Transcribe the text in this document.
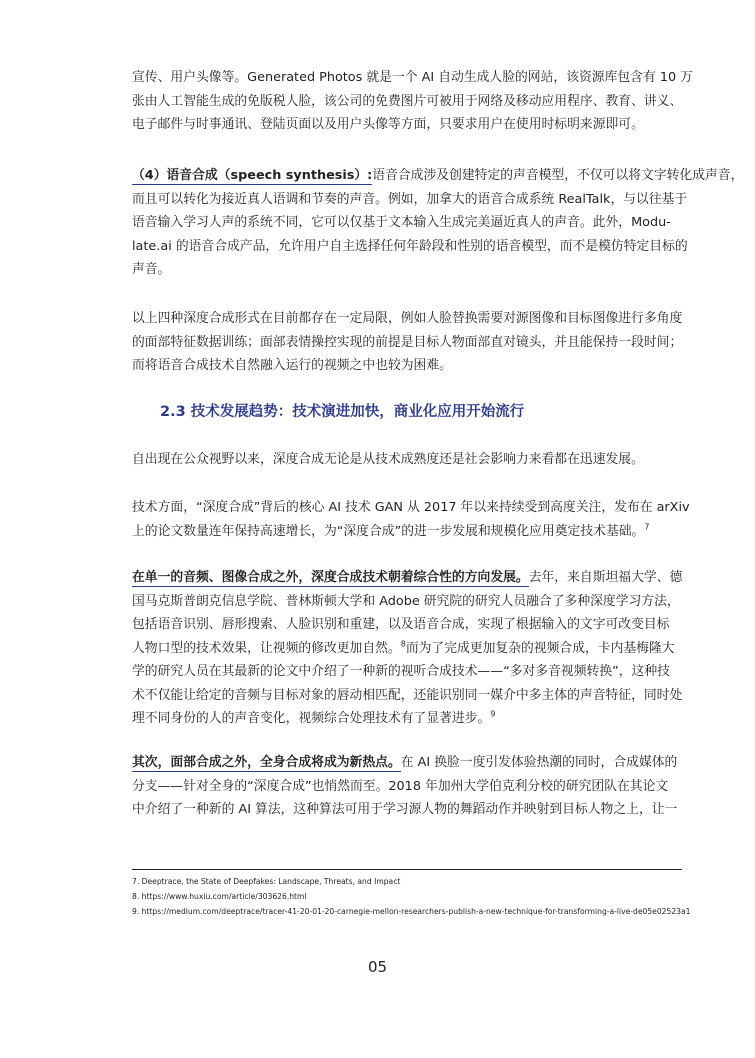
宣传、用户头像等。Generated Photos 就是一个 AI 自动生成人脸的网站，该资源库包含有 10 万
张由人工智能生成的免版税人脸，该公司的免费图片可被用于网络及移动应用程序、教育、讲义、
电子邮件与时事通讯、登陆页面以及用户头像等方面，只要求用户在使用时标明来源即可。
（4）语音合成（speech synthesis）:语音合成涉及创建特定的声音模型，不仅可以将文字转化成声音，
而且可以转化为接近真人语调和节奏的声音。例如，加拿大的语音合成系统 RealTalk，与以往基于
语音输入学习人声的系统不同，它可以仅基于文本输入生成完美逼近真人的声音。此外，Modu-
late.ai 的语音合成产品，允许用户自主选择任何年龄段和性别的语音模型，而不是模仿特定目标的
声音。
以上四种深度合成形式在目前都存在一定局限，例如人脸替换需要对源图像和目标图像进行多角度
的面部特征数据训练；面部表情操控实现的前提是目标人物面部直对镜头，并且能保持一段时间；
而将语音合成技术自然融入运行的视频之中也较为困难。
2.3 技术发展趋势：技术演进加快，商业化应用开始流行
自出现在公众视野以来，深度合成无论是从技术成熟度还是社会影响力来看都在迅速发展。
技术方面，“深度合成”背后的核心 AI 技术 GAN 从 2017 年以来持续受到高度关注，发布在 arXiv
上的论文数量连年保持高速增长，为“深度合成”的进一步发展和规模化应用奠定技术基础。$^7$
在单一的音频、图像合成之外，深度合成技术朝着综合性的方向发展。去年，来自斯坦福大学、德
国马克斯普朗克信息学院、普林斯顿大学和 Adobe 研究院的研究人员融合了多种深度学习方法，
包括语音识别、唇形搜索、人脸识别和重建，以及语音合成，实现了根据输入的文字可改变目标
人物口型的技术效果，让视频的修改更加自然。$^8$而为了完成更加复杂的视频合成，卡内基梅隆大
学的研究人员在其最新的论文中介绍了一种新的视听合成技术——“多对多音视频转换”，这种技
术不仅能让给定的音频与目标对象的唇动相匹配，还能识别同一媒介中多主体的声音特征，同时处
理不同身份的人的声音变化，视频综合处理技术有了显著进步。$^9$
其次，面部合成之外，全身合成将成为新热点。在 AI 换脸一度引发体验热潮的同时，合成媒体的
分支——针对全身的“深度合成”也悄然而至。2018 年加州大学伯克利分校的研究团队在其论文
中介绍了一种新的 AI 算法，这种算法可用于学习源人物的舞蹈动作并映射到目标人物之上，让一
7. Deeptrace, the State of Deepfakes: Landscape, Threats, and Impact
8. https://www.huxiu.com/article/303626.html
9. https://medium.com/deeptrace/tracer-41-20-01-20-carnegie-mellon-researchers-publish-a-new-technique-for-transforming-a-live-de05e02523a1
05
